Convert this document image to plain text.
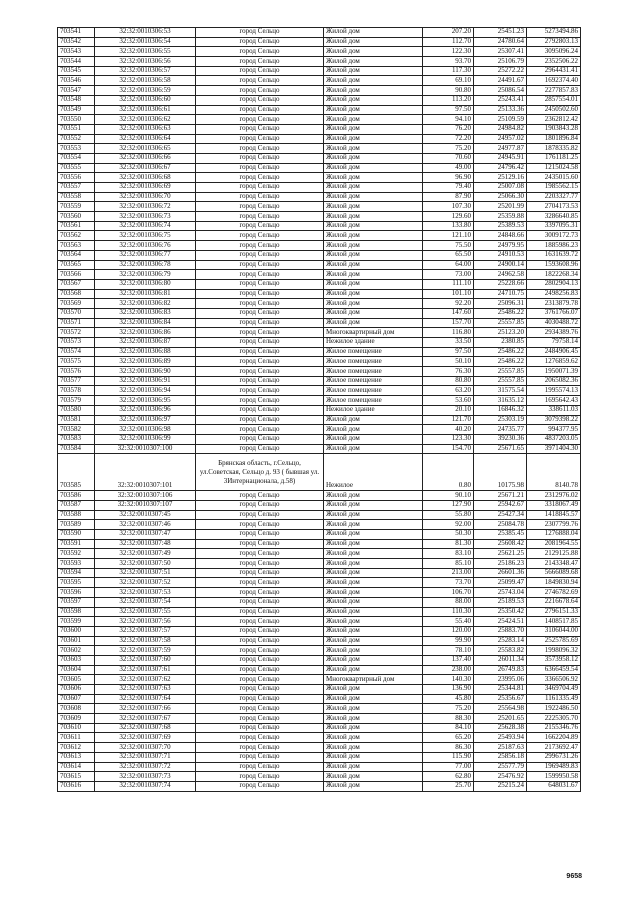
703541	32:32:0010306:53	город Сельцо	Жилой дом	207.20	25451.23	5273494.86
703542	32:32:0010306:54	город Сельцо	Жилой дом	112.70	24780.64	2792803.13
703543	32:32:0010306:55	город Сельцо	Жилой дом	122.30	25307.41	3095096.24
703544	32:32:0010306:56	город Сельцо	Жилой дом	93.70	25106.79	2352506.22
703545	32:32:0010306:57	город Сельцо	Жилой дом	117.30	25272.22	2964431.41
703546	32:32:0010306:58	город Сельцо	Жилой дом	69.10	24491.67	1692374.40
703547	32:32:0010306:59	город Сельцо	Жилой дом	90.80	25086.54	2277857.83
703548	32:32:0010306:60	город Сельцо	Жилой дом	113.20	25243.41	2857554.01
703549	32:32:0010306:61	город Сельцо	Жилой дом	97.50	25133.36	2450502.60
703550	32:32:0010306:62	город Сельцо	Жилой дом	94.10	25109.59	2362812.42
703551	32:32:0010306:63	город Сельцо	Жилой дом	76.20	24984.82	1903843.28
703552	32:32:0010306:64	город Сельцо	Жилой дом	72.20	24957.02	1801896.84
703553	32:32:0010306:65	город Сельцо	Жилой дом	75.20	24977.87	1878335.82
703554	32:32:0010306:66	город Сельцо	Жилой дом	70.60	24945.91	1761181.25
703555	32:32:0010306:67	город Сельцо	Жилой дом	49.00	24796.42	1215024.58
703556	32:32:0010306:68	город Сельцо	Жилой дом	96.90	25129.16	2435015.60
703557	32:32:0010306:69	город Сельцо	Жилой дом	79.40	25007.08	1985562.15
703558	32:32:0010306:70	город Сельцо	Жилой дом	87.90	25066.30	2203327.77
703559	32:32:0010306:72	город Сельцо	Жилой дом	107.30	25201.99	2704173.53
703560	32:32:0010306:73	город Сельцо	Жилой дом	129.60	25359.88	3286640.85
703561	32:32:0010306:74	город Сельцо	Жилой дом	133.80	25389.53	3397095.31
703562	32:32:0010306:75	город Сельцо	Жилой дом	121.10	24848.66	3009172.73
703563	32:32:0010306:76	город Сельцо	Жилой дом	75.50	24979.95	1885986.23
703564	32:32:0010306:77	город Сельцо	Жилой дом	65.50	24910.53	1631639.72
703565	32:32:0010306:78	город Сельцо	Жилой дом	64.00	24900.14	1593608.96
703566	32:32:0010306:79	город Сельцо	Жилой дом	73.00	24962.58	1822268.34
703567	32:32:0010306:80	город Сельцо	Жилой дом	111.10	25228.66	2802904.13
703568	32:32:0010306:81	город Сельцо	Жилой дом	101.10	24710.75	2498256.83
703569	32:32:0010306:82	город Сельцо	Жилой дом	92.20	25096.31	2313879.78
703570	32:32:0010306:83	город Сельцо	Жилой дом	147.60	25486.22	3761766.07
703571	32:32:0010306:84	город Сельцо	Жилой дом	157.70	25557.85	4030488.72
703572	32:32:0010306:86	город Сельцо	Многоквартирный дом	116.80	25123.20	2934389.76
703573	32:32:0010306:87	город Сельцо	Нежилое здание	33.50	2380.85	79758.14
703574	32:32:0010306:88	город Сельцо	Жилое помещение	97.50	25486.22	2484906.45
703575	32:32:0010306:89	город Сельцо	Жилое помещение	50.10	25486.22	1276859.62
703576	32:32:0010306:90	город Сельцо	Жилое помещение	76.30	25557.85	1950071.39
703577	32:32:0010306:91	город Сельцо	Жилое помещение	80.80	25557.85	2065082.36
703578	32:32:0010306:94	город Сельцо	Жилое помещение	63.20	31575.54	1995574.13
703579	32:32:0010306:95	город Сельцо	Жилое помещение	53.60	31635.12	1695642.43
703580	32:32:0010306:96	город Сельцо	Нежилое здание	20.10	16846.32	338611.03
703581	32:32:0010306:97	город Сельцо	Жилой дом	121.70	25303.19	3079398.22
703582	32:32:0010306:98	город Сельцо	Жилой дом	40.20	24735.77	994377.95
703583	32:32:0010306:99	город Сельцо	Жилой дом	123.30	39230.36	4837203.05
703584	32:32:0010307:100	город Сельцо	Жилой дом	154.70	25671.65	3971404.30
703585	32:32:0010307:101	Брянская область, г.Сельцо, ул.Советская, Сельцо д. 93 ( бывшая ул. 3Интернационала, д.58)	Нежилое	0.80	10175.98	8140.78
703586	32:32:0010307:106	город Сельцо	Жилой дом	90.10	25671.21	2312976.02
703587	32:32:0010307:107	город Сельцо	Жилой дом	127.90	25942.67	3318067.49
703588	32:32:0010307:45	город Сельцо	Жилой дом	55.80	25427.34	1418845.57
703589	32:32:0010307:46	город Сельцо	Жилой дом	92.00	25084.78	2307799.76
703590	32:32:0010307:47	город Сельцо	Жилой дом	50.30	25385.45	1276888.04
703591	32:32:0010307:48	город Сельцо	Жилой дом	81.30	25608.42	2081964.55
703592	32:32:0010307:49	город Сельцо	Жилой дом	83.10	25621.25	2129125.88
703593	32:32:0010307:50	город Сельцо	Жилой дом	85.10	25186.23	2143348.47
703594	32:32:0010307:51	город Сельцо	Жилой дом	213.00	26601.36	5666089.68
703595	32:32:0010307:52	город Сельцо	Жилой дом	73.70	25099.47	1849830.94
703596	32:32:0010307:53	город Сельцо	Жилой дом	106.70	25743.04	2746782.69
703597	32:32:0010307:54	город Сельцо	Жилой дом	88.00	25189.53	2216678.64
703598	32:32:0010307:55	город Сельцо	Жилой дом	110.30	25350.42	2796151.33
703599	32:32:0010307:56	город Сельцо	Жилой дом	55.40	25424.51	1408517.85
703600	32:32:0010307:57	город Сельцо	Жилой дом	120.00	25883.70	3106044.00
703601	32:32:0010307:58	город Сельцо	Жилой дом	99.90	25283.14	2525785.69
703602	32:32:0010307:59	город Сельцо	Жилой дом	78.10	25583.82	1998096.32
703603	32:32:0010307:60	город Сельцо	Жилой дом	137.40	26011.34	3573958.12
703604	32:32:0010307:61	город Сельцо	Жилой дом	238.00	26749.83	6366459.54
703605	32:32:0010307:62	город Сельцо	Многоквартирный дом	140.30	23995.06	3366506.92
703606	32:32:0010307:63	город Сельцо	Жилой дом	136.90	25344.81	3469704.49
703607	32:32:0010307:64	город Сельцо	Жилой дом	45.80	25356.67	1161335.49
703608	32:32:0010307:66	город Сельцо	Жилой дом	75.20	25564.98	1922486.50
703609	32:32:0010307:67	город Сельцо	Жилой дом	88.30	25201.65	2225305.70
703610	32:32:0010307:68	город Сельцо	Жилой дом	84.10	25628.38	2155346.76
703611	32:32:0010307:69	город Сельцо	Жилой дом	65.20	25493.94	1662204.89
703612	32:32:0010307:70	город Сельцо	Жилой дом	86.30	25187.63	2173692.47
703613	32:32:0010307:71	город Сельцо	Жилой дом	115.90	25856.18	2996731.26
703614	32:32:0010307:72	город Сельцо	Жилой дом	77.00	25577.79	1969489.83
703615	32:32:0010307:73	город Сельцо	Жилой дом	62.80	25476.92	1599950.58
703616	32:32:0010307:74	город Сельцо	Жилой дом	25.70	25215.24	648031.67
9658
